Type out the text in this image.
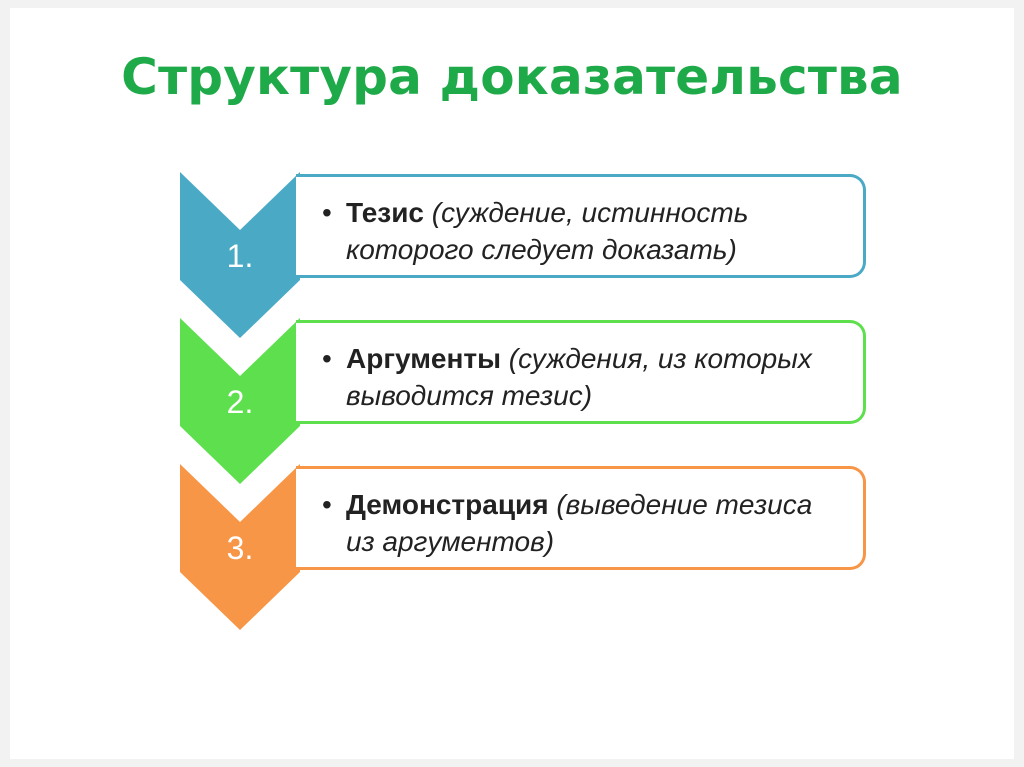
Структура доказательства
1.
• Тезис (суждение, истинность
которого следует доказать)
2.
• Аргументы (суждения, из которых
выводится тезис)
3.
• Демонстрация (выведение тезиса
из аргументов)
